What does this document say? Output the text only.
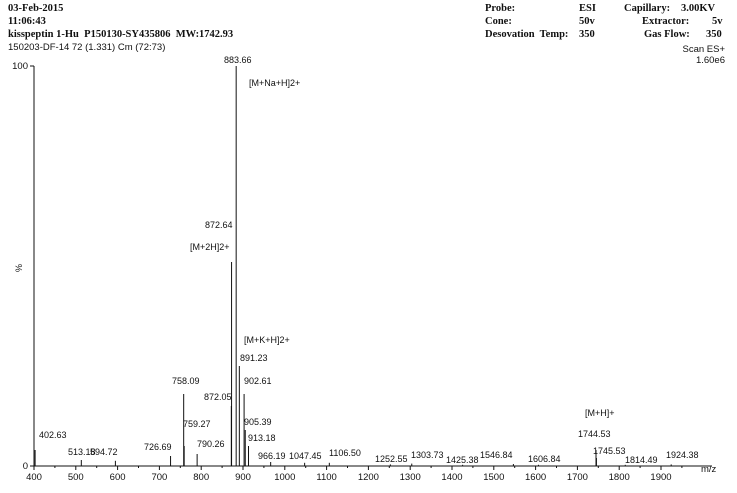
03-Feb-2015
11:06:43
kisspeptin 1-Hu  P150130-SY435806  MW:1742.93
150203-DF-14 72 (1.331) Cm (72:73)
Probe:	ESI
Cone:	50v
Desovation  Temp: 350
Capillary: 3.00KV
Extractor: 5v
Gas Flow: 350
Scan ES+
1.60e6
400	500	600	700	800	900 1000 1100 1200 1300 1400 1500 1600 1700 1800 1900
0
100
%
m/z
402.63
513.18
594.72	726.69
758.09
759.27
790.26
872.05
872.64
883.66
891.23
902.61
905.39
913.18
966.19 1047.45 1106.50
1252.55 1303.73 1425.38 1546.84 1606.84
1744.53
1745.53
1814.49 1924.38
[M+Na+H]2+
[M+2H]2+
[M+K+H]2+
[M+H]+
